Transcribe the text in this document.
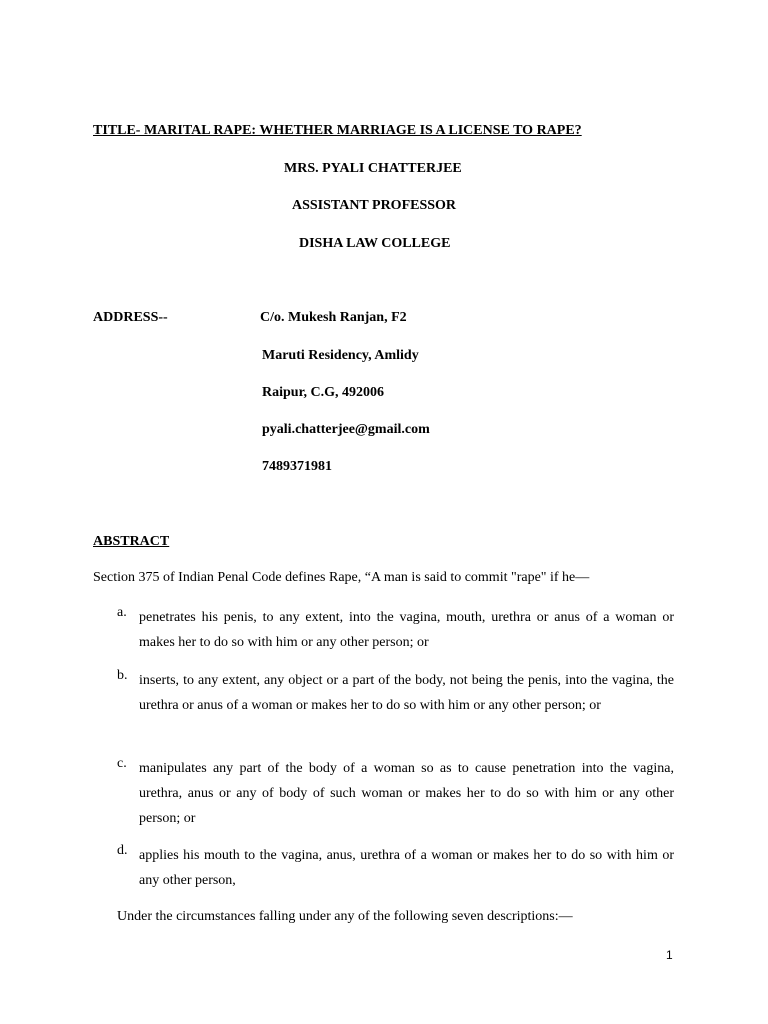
TITLE- MARITAL RAPE: WHETHER MARRIAGE IS A LICENSE TO RAPE?
MRS. PYALI CHATTERJEE
ASSISTANT PROFESSOR
DISHA LAW COLLEGE
ADDRESS--	C/o. Mukesh Ranjan, F2
Maruti Residency, Amlidy
Raipur, C.G, 492006
pyali.chatterjee@gmail.com
7489371981
ABSTRACT
Section 375 of Indian Penal Code defines Rape, “A man is said to commit "rape" if he—
a. penetrates his penis, to any extent, into the vagina, mouth, urethra or anus of a woman or makes her to do so with him or any other person; or
b. inserts, to any extent, any object or a part of the body, not being the penis, into the vagina, the urethra or anus of a woman or makes her to do so with him or any other person; or
c. manipulates any part of the body of a woman so as to cause penetration into the vagina, urethra, anus or any of body of such woman or makes her to do so with him or any other person; or
d. applies his mouth to the vagina, anus, urethra of a woman or makes her to do so with him or any other person,
Under the circumstances falling under any of the following seven descriptions:—
1
